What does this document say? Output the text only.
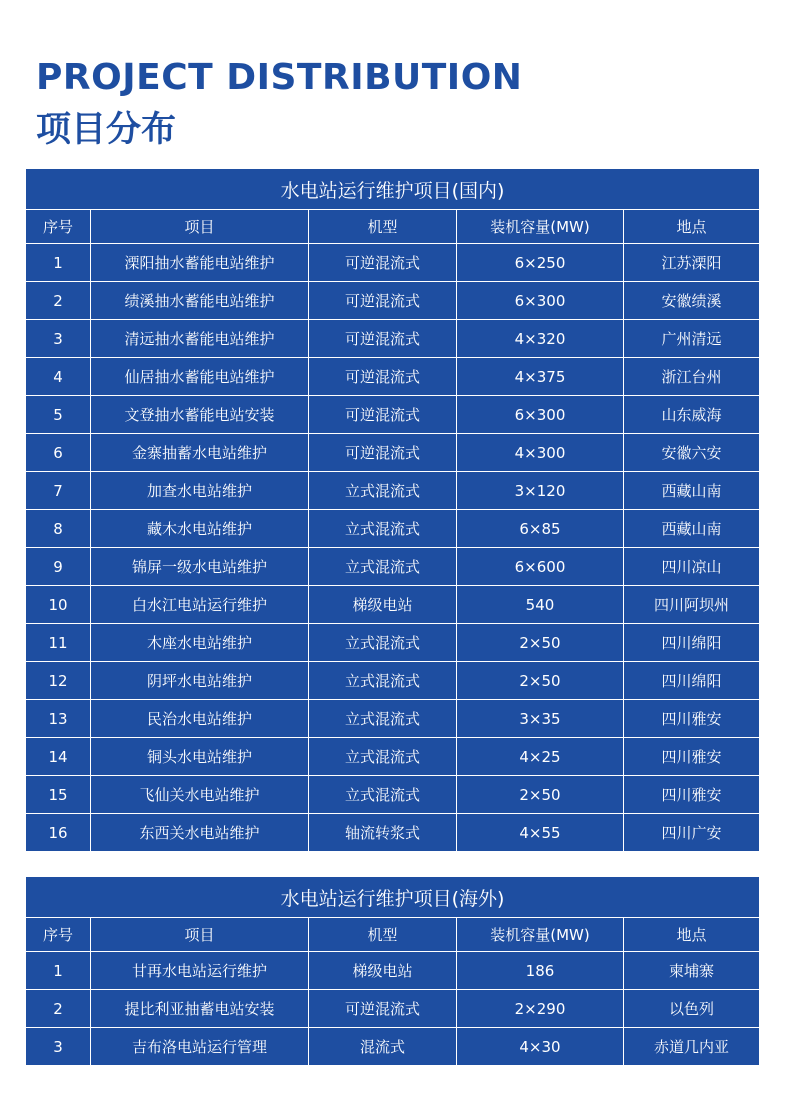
PROJECT DISTRIBUTION
项目分布
水电站运行维护项目(国内)				
序号	项目	机型	装机容量(MW)	地点
1	溧阳抽水蓄能电站维护	可逆混流式	6×250	江苏溧阳
2	绩溪抽水蓄能电站维护	可逆混流式	6×300	安徽绩溪
3	清远抽水蓄能电站维护	可逆混流式	4×320	广州清远
4	仙居抽水蓄能电站维护	可逆混流式	4×375	浙江台州
5	文登抽水蓄能电站安装	可逆混流式	6×300	山东威海
6	金寨抽蓄水电站维护	可逆混流式	4×300	安徽六安
7	加查水电站维护	立式混流式	3×120	西藏山南
8	藏木水电站维护	立式混流式	6×85	西藏山南
9	锦屏一级水电站维护	立式混流式	6×600	四川凉山
10	白水江电站运行维护	梯级电站	540	四川阿坝州
11	木座水电站维护	立式混流式	2×50	四川绵阳
12	阴坪水电站维护	立式混流式	2×50	四川绵阳
13	民治水电站维护	立式混流式	3×35	四川雅安
14	铜头水电站维护	立式混流式	4×25	四川雅安
15	飞仙关水电站维护	立式混流式	2×50	四川雅安
16	东西关水电站维护	轴流转浆式	4×55	四川广安
水电站运行维护项目(海外)				
序号	项目	机型	装机容量(MW)	地点
1	甘再水电站运行维护	梯级电站	186	柬埔寨
2	提比利亚抽蓄电站安装	可逆混流式	2×290	以色列
3	吉布洛电站运行管理	混流式	4×30	赤道几内亚
